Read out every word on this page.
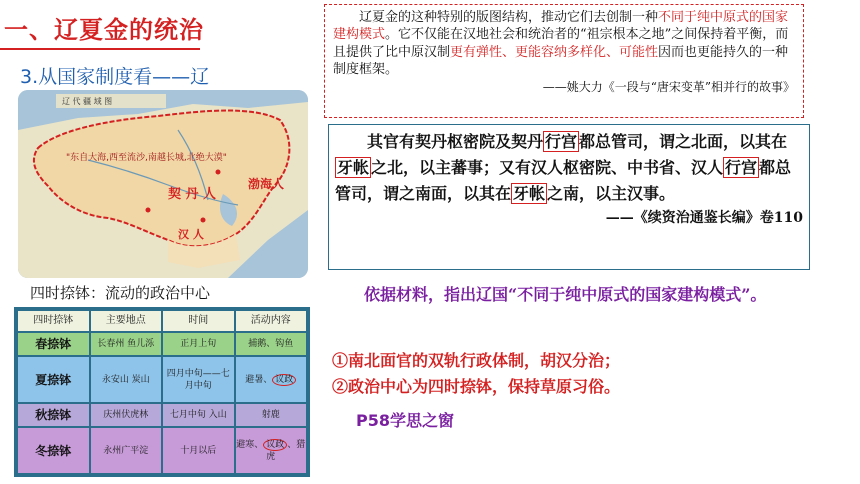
一、辽夏金的统治
3.从国家制度看——辽
辽 代 疆 域 图
"东自大海,西至流沙,南越长城,北绝大漠"
契 丹 人
渤海人
汉 人
四时捺钵：流动的政治中心
四时捺钵	主要地点	时间	活动内容
春捺钵	长春州 鱼儿泺	正月上旬	捕鹅、钩鱼
夏捺钵	永安山 炭山	四月中旬——七月中旬	避暑、 议政
秋捺钵	庆州伏虎林	七月中旬 入山	射鹿
冬捺钵	永州广平淀	十月以后	避寒、 议政 、猎虎
辽夏金的这种特别的版图结构，推动它们去创制一种不同于纯中原式的国家建构模式。它不仅能在汉地社会和统治者的“祖宗根本之地”之间保持着平衡，而且提供了比中原汉制更有弹性、更能容纳多样化、可能性因而也更能持久的一种制度框架。
——姚大力《一段与“唐宋变革”相并行的故事》
其官有契丹枢密院及契丹 行宫 都总管司，谓之北面，以其在牙帐 之北，以主蕃事；又有汉人枢密院、中书省、汉人 行宫 都总管司，谓之南面，以其在 牙帐 之南，以主汉事。
——《续资治通鉴长编》卷110
依据材料，指出辽国“不同于纯中原式的国家建构模式”。
①南北面官的双轨行政体制，胡汉分治；
②政治中心为四时捺钵，保持草原习俗。
P58学思之窗
